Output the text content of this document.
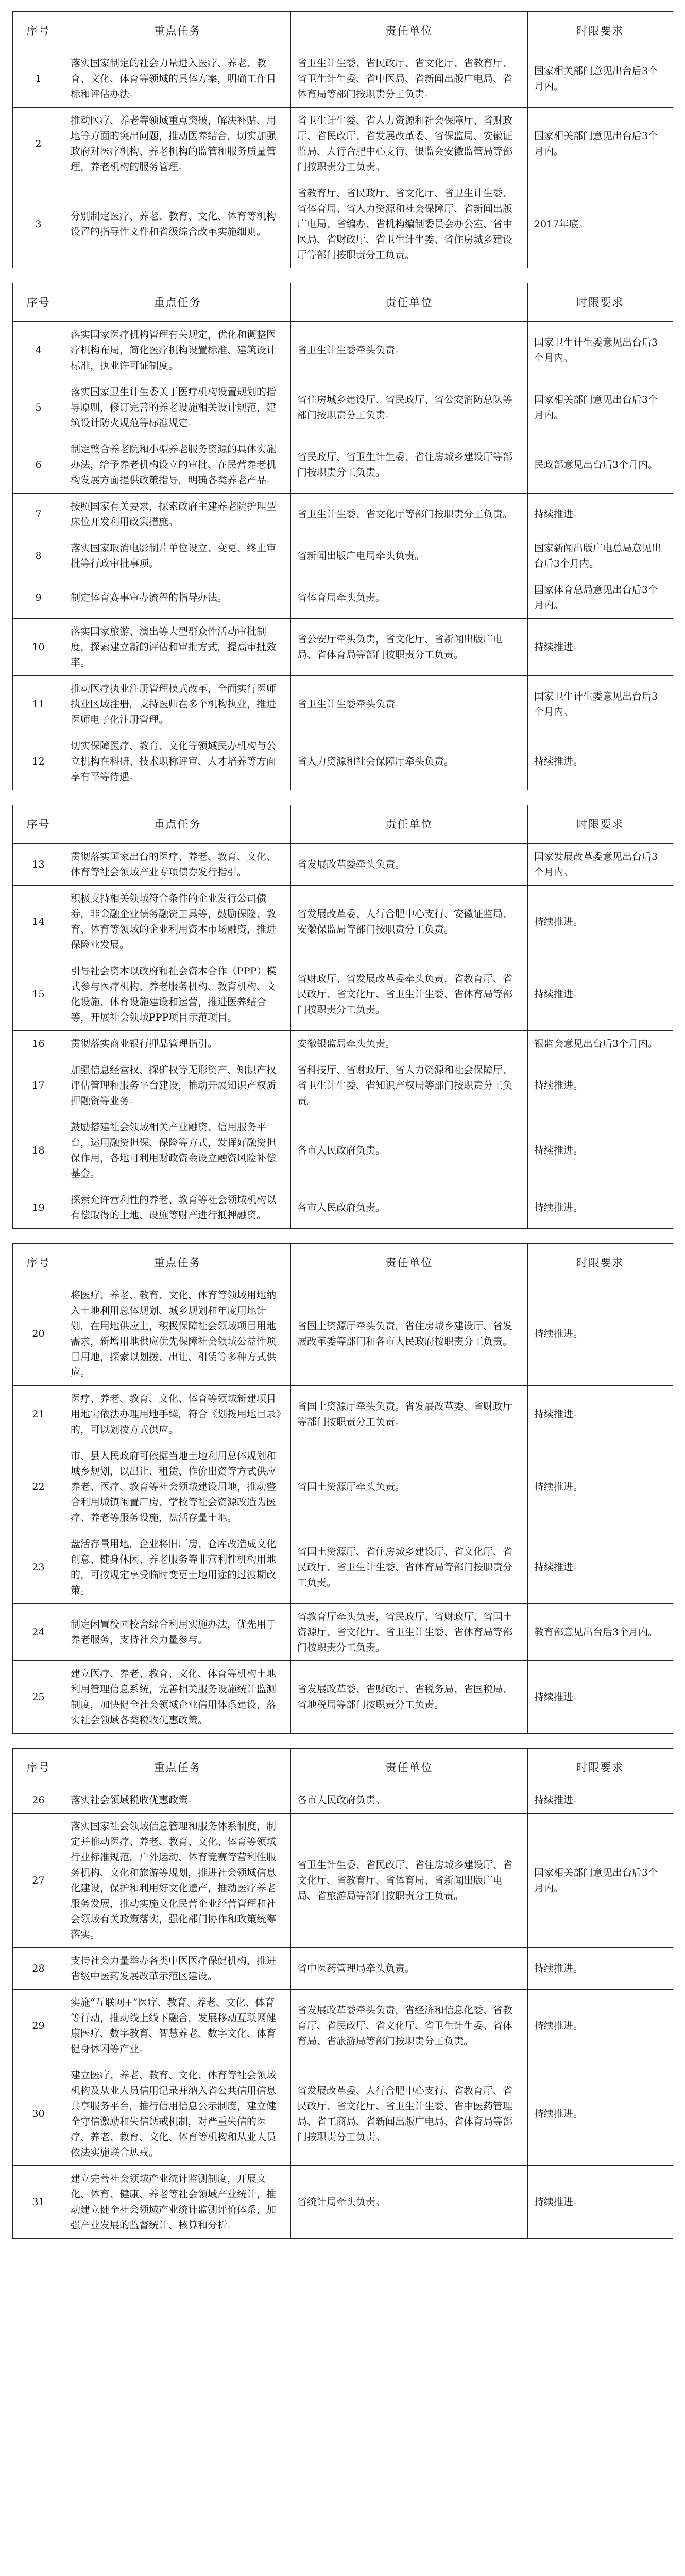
序号	重点任务	责任单位	时限要求
1	落实国家制定的社会力量进入医疗、养老、教育、文化、体育等领域的具体方案，明确工作目标和评估办法。	省卫生计生委、省民政厅、省文化厅、省教育厅、省卫生计生委、省中医局、省新闻出版广电局、省体育局等部门按职责分工负责。	国家相关部门意见出台后3个月内。
2	推动医疗、养老等领域重点突破，解决补贴、用地等方面的突出问题，推动医养结合，切实加强政府对医疗机构、养老机构的监管和服务质量管理，养老机构的服务管理。	省卫生计生委、省人力资源和社会保障厅、省财政厅、省民政厅、省发展改革委、省保监局、安徽证监局、人行合肥中心支行、银监会安徽监管局等部门按职责分工负责。	国家相关部门意见出台后3个月内。
3	分别制定医疗、养老、教育、文化、体育等机构设置的指导性文件和省级综合改革实施细则。	省教育厅、省民政厅、省文化厅、省卫生计生委、省体育局、省人力资源和社会保障厅、省新闻出版广电局、省编办、省机构编制委员会办公室、省中医局、省财政厅、省卫生计生委、省住房城乡建设厅等部门按职责分工负责。	2017年底。

序号	重点任务	责任单位	时限要求
4	落实国家医疗机构管理有关规定，优化和调整医疗机构布局，简化医疗机构设置标准、建筑设计标准，执业许可证制度。	省卫生计生委牵头负责。	国家卫生计生委意见出台后3个月内。
5	落实国家卫生计生委关于医疗机构设置规划的指导原则，修订完善的养老设施相关设计规范，建筑设计防火规范等标准规定。	省住房城乡建设厅、省民政厅、省公安消防总队等部门按职责分工负责。	国家相关部门意见出台后3个月内。
6	制定整合养老院和小型养老服务资源的具体实施办法，给予养老机构设立的审批、在民营养老机构发展方面提供政策指导，明确各类养老产品。	省民政厅、省卫生计生委、省住房城乡建设厅等部门按职责分工负责。	民政部意见出台后3个月内。
7	按照国家有关要求，探索政府主建养老院护理型床位开发利用政策措施。	省卫生计生委、省文化厅等部门按职责分工负责。	持续推进。
8	落实国家取消电影制片单位设立、变更、终止审批等行政审批事项。	省新闻出版广电局牵头负责。	国家新闻出版广电总局意见出台后3个月内。
9	制定体育赛事审办流程的指导办法。	省体育局牵头负责。	国家体育总局意见出台后3个月内。
10	落实国家旅游、演出等大型群众性活动审批制度，探索建立新的评估和审批方式，提高审批效率。	省公安厅牵头负责，省文化厅、省新闻出版广电局、省体育局等部门按职责分工负责。	持续推进。
11	推动医疗执业注册管理模式改革，全面实行医师执业区域注册，支持医师在多个机构执业，推进医师电子化注册管理。	省卫生计生委牵头负责。	国家卫生计生委意见出台后3个月内。
12	切实保障医疗、教育、文化等领域民办机构与公立机构在科研、技术职称评审、人才培养等方面享有平等待遇。	省人力资源和社会保障厅牵头负责。	持续推进。

序号	重点任务	责任单位	时限要求
13	贯彻落实国家出台的医疗、养老、教育、文化、体育等社会领域产业专项债券发行指引。	省发展改革委牵头负责。	国家发展改革委意见出台后3个月内。
14	积极支持相关领域符合条件的企业发行公司债券，非金融企业债务融资工具等，鼓励保险、教育、体育等领域的企业利用资本市场融资，推进保险业发展。	省发展改革委、人行合肥中心支行、安徽证监局、安徽保监局等部门按职责分工负责。	持续推进。
15	引导社会资本以政府和社会资本合作（PPP）模式参与医疗机构、养老服务机构、教育机构、文化设施、体育设施建设和运营，推进医养结合等，开展社会领域PPP项目示范项目。	省财政厅、省发展改革委牵头负责，省教育厅、省民政厅、省文化厅、省卫生计生委、省体育局等部门按职责分工负责。	持续推进。
16	贯彻落实商业银行押品管理指引。	安徽银监局牵头负责。	银监会意见出台后3个月内。
17	加强信息经营权、探矿权等无形资产、知识产权评估管理和服务平台建设，推动开展知识产权质押融资等业务。	省科技厅、省财政厅、省人力资源和社会保障厅、省卫生计生委、省知识产权局等部门按职责分工负责。	持续推进。
18	鼓励搭建社会领域相关产业融资、信用服务平台，运用融资担保、保险等方式，发挥好融资担保作用，各地可利用财政资金设立融资风险补偿基金。	各市人民政府负责。	持续推进。
19	探索允许营利性的养老、教育等社会领域机构以有偿取得的土地、设施等财产进行抵押融资。	各市人民政府负责。	持续推进。

序号	重点任务	责任单位	时限要求
20	将医疗、养老、教育、文化、体育等领域用地纳入土地利用总体规划、城乡规划和年度用地计划，在用地供应上，积极保障社会领域项目用地需求，新增用地供应优先保障社会领域公益性项目用地，探索以划拨、出让、租赁等多种方式供应。	省国土资源厅牵头负责，省住房城乡建设厅、省发展改革委等部门和各市人民政府按职责分工负责。	持续推进。
21	医疗、养老、教育、文化、体育等领域新建项目用地需依法办理用地手续，符合《划拨用地目录》的，可以划拨方式供应。	省国土资源厅牵头负责。省发展改革委、省财政厅等部门按职责分工负责。	持续推进。
22	市、县人民政府可依据当地土地利用总体规划和城乡规划，以出让、租赁、作价出资等方式供应养老、医疗、教育等社会领域建设用地，推动整合利用城镇闲置厂房、学校等社会资源改造为医疗、养老等服务设施，盘活存量土地。	省国土资源厅牵头负责。	持续推进。
23	盘活存量用地，企业将旧厂房、仓库改造成文化创意、健身休闲、养老服务等非营利性机构用地的，可按规定享受临时变更土地用途的过渡期政策。	省国土资源厅、省住房城乡建设厅、省文化厅、省民政厅、省卫生计生委、省体育局等部门按职责分工负责。	持续推进。
24	制定闲置校园校舍综合利用实施办法，优先用于养老服务，支持社会力量参与。	省教育厅牵头负责，省民政厅、省财政厅、省国土资源厅、省文化厅、省卫生计生委、省体育局等部门按职责分工负责。	教育部意见出台后3个月内。
25	建立医疗、养老、教育、文化、体育等机构土地利用管理信息系统，完善相关服务设施统计监测制度，加快健全社会领域企业信用体系建设，落实社会领域各类税收优惠政策。	省发展改革委、省财政厅、省税务局、省国税局、省地税局等部门按职责分工负责。	持续推进。

序号	重点任务	责任单位	时限要求
26	落实社会领域税收优惠政策。	各市人民政府负责。	持续推进。
27	落实国家社会领域信息管理和服务体系制度，制定并推动医疗、养老、教育、文化、体育等领域行业标准规范，户外运动、体育竞赛等营利性服务机构、文化和旅游等规划，推进社会领域信息化建设，保护和利用好文化遗产，推动医疗养老服务发展，推动实施文化民营企业经营管理和社会领域有关政策落实，强化部门协作和政策统筹落实。	省卫生计生委、省民政厅、省住房城乡建设厅、省文化厅、省教育厅、省体育局、省新闻出版广电局、省旅游局等部门按职责分工负责。	国家相关部门意见出台后3个月内。
28	支持社会力量举办各类中医医疗保健机构，推进省级中医药发展改革示范区建设。	省中医药管理局牵头负责。	持续推进。
29	实施“互联网+”医疗、教育、养老、文化、体育等行动，推动线上线下融合，发展移动互联网健康医疗、数字教育、智慧养老、数字文化、体育健身休闲等产业。	省发展改革委牵头负责，省经济和信息化委、省教育厅、省民政厅、省文化厅、省卫生计生委、省体育局、省旅游局等部门按职责分工负责。	持续推进。
30	建立医疗、养老、教育、文化、体育等社会领域机构及从业人员信用记录并纳入省公共信用信息共享服务平台，推行信用信息公示制度，建立健全守信激励和失信惩戒机制，对严重失信的医疗、养老、教育、文化、体育等机构和从业人员依法实施联合惩戒。	省发展改革委、人行合肥中心支行、省教育厅、省民政厅、省文化厅、省卫生计生委、省中医药管理局、省工商局、省新闻出版广电局、省体育局等部门按职责分工负责。	持续推进。
31	建立完善社会领域产业统计监测制度，开展文化、体育、健康、养老等社会领域产业统计，推动建立健全社会领域产业统计监测评价体系，加强产业发展的监督统计、核算和分析。	省统计局牵头负责。	持续推进。
